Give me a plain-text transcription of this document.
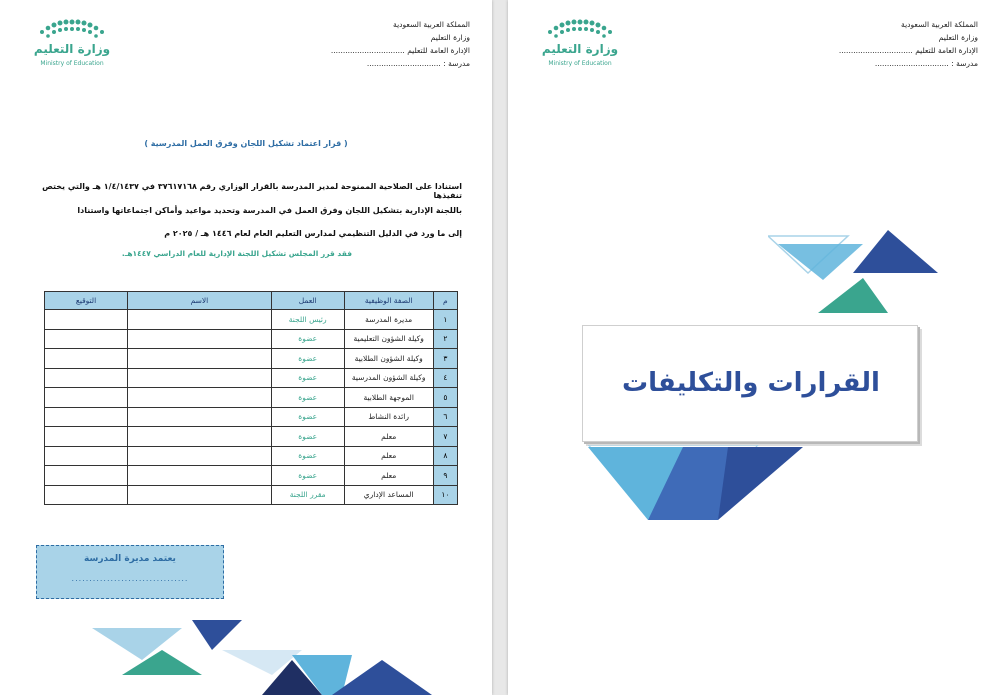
المملكة العربية السعودية
وزارة التعليم
الإدارة العامة للتعليم ...............................
مدرسة : ...............................
وزارة التعليم
Ministry of Education
( قرار اعتماد تشكيل اللجان وفرق العمل المدرسية )
استنادا على الصلاحية الممنوحة لمدير المدرسة بالقرار الوزاري رقم ٣٧٦١٧١٦٨ في ١/٤/١٤٣٧ هـ والتي يختص تنفيذها
باللجنة الإدارية بتشكيل اللجان وفرق العمل في المدرسة وتحديد مواعيد وأماكن اجتماعاتها واستنادا
إلى ما ورد في الدليل التنظيمي لمدارس التعليم العام لعام ١٤٤٦ هـ / ٢٠٢٥ م
فقد قرر المجلس تشكيل اللجنة الإدارية للعام الدراسي ١٤٤٧هـ.
م	الصفة الوظيفية	العمل	الاسم	التوقيع
١	مديرة المدرسة	رئيس اللجنة		
٢	وكيلة الشؤون التعليمية	عضوة		
٣	وكيلة الشؤون الطلابية	عضوة		
٤	وكيلة الشؤون المدرسية	عضوة		
٥	الموجهة الطلابية	عضوة		
٦	رائدة النشاط	عضوة		
٧	معلم	عضوة		
٨	معلم	عضوة		
٩	معلم	عضوة		
١٠	المساعد الإداري	مقرر اللجنة		
يعتمد مديرة المدرسة
.................................
المملكة العربية السعودية
وزارة التعليم
الإدارة العامة للتعليم ...............................
مدرسة : ...............................
وزارة التعليم
Ministry of Education
القرارات والتكليفات
